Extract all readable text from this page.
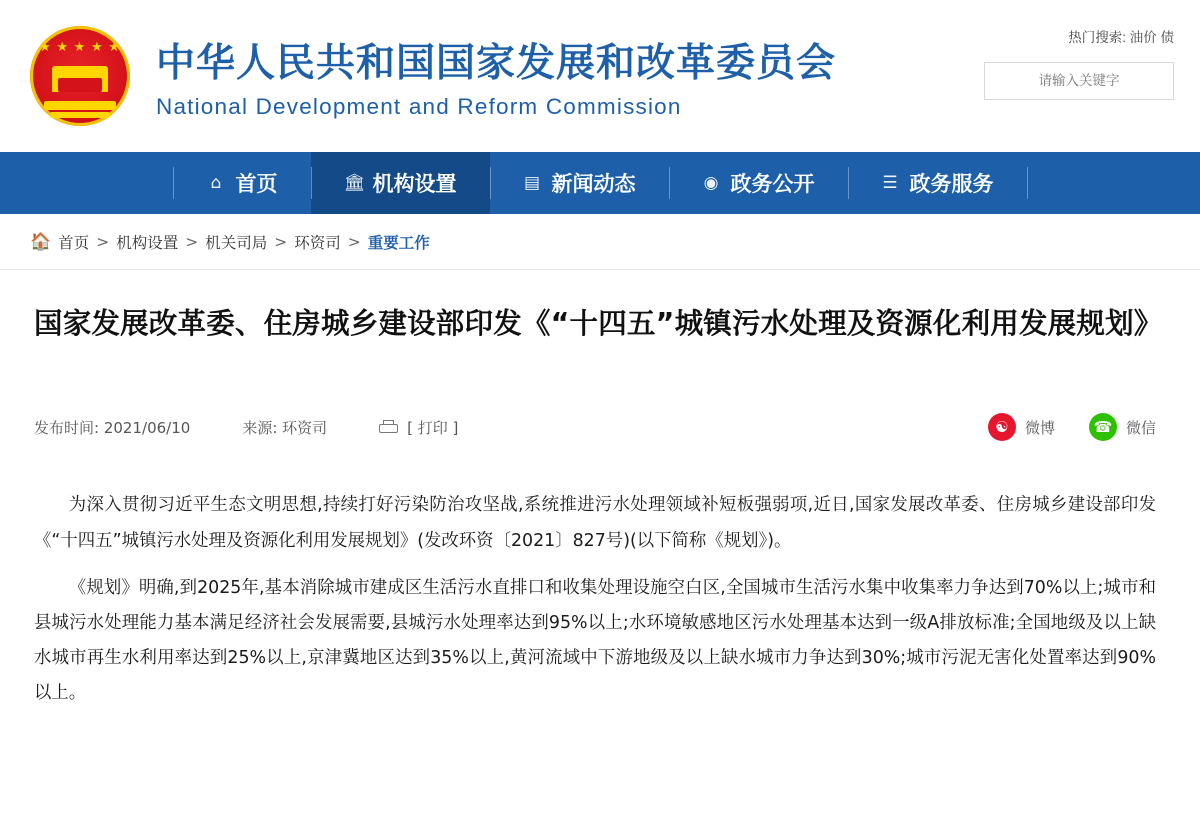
★ ★ ★ ★ ★ 中华人民共和国国家发展和改革委员会
National Development and Reform Commission
热门搜索: 油价 债
请输入关键字
⌂ 首页	🏛 机构设置	▤ 新闻动态	◉ 政务公开	☰ 政务服务
🏠 首页 > 机构设置 > 机关司局 > 环资司 > 重要工作
国家发展改革委、住房城乡建设部印发《“十四五”城镇污水处理及资源化利用发展规划》
发布时间: 2021/06/10	来源: 环资司	[ 打印 ]	☯	微博	☎ 微信

为深入贯彻习近平生态文明思想,持续打好污染防治攻坚战,系统推进污水处理领域补短板强弱项,近日,国家发展改革委、住房城乡建设部印发《“十四五”城镇污水处理及资源化利用发展规划》(发改环资〔2021〕827号)(以下简称《规划》)。

《规划》明确,到2025年,基本消除城市建成区生活污水直排口和收集处理设施空白区,全国城市生活污水集中收集率力争达到70%以上;城市和县城污水处理能力基本满足经济社会发展需要,县城污水处理率达到95%以上;水环境敏感地区污水处理基本达到一级A排放标准;全国地级及以上缺水城市再生水利用率达到25%以上,京津冀地区达到35%以上,黄河流域中下游地级及以上缺水城市力争达到30%;城市污泥无害化处置率达到90%以上。
